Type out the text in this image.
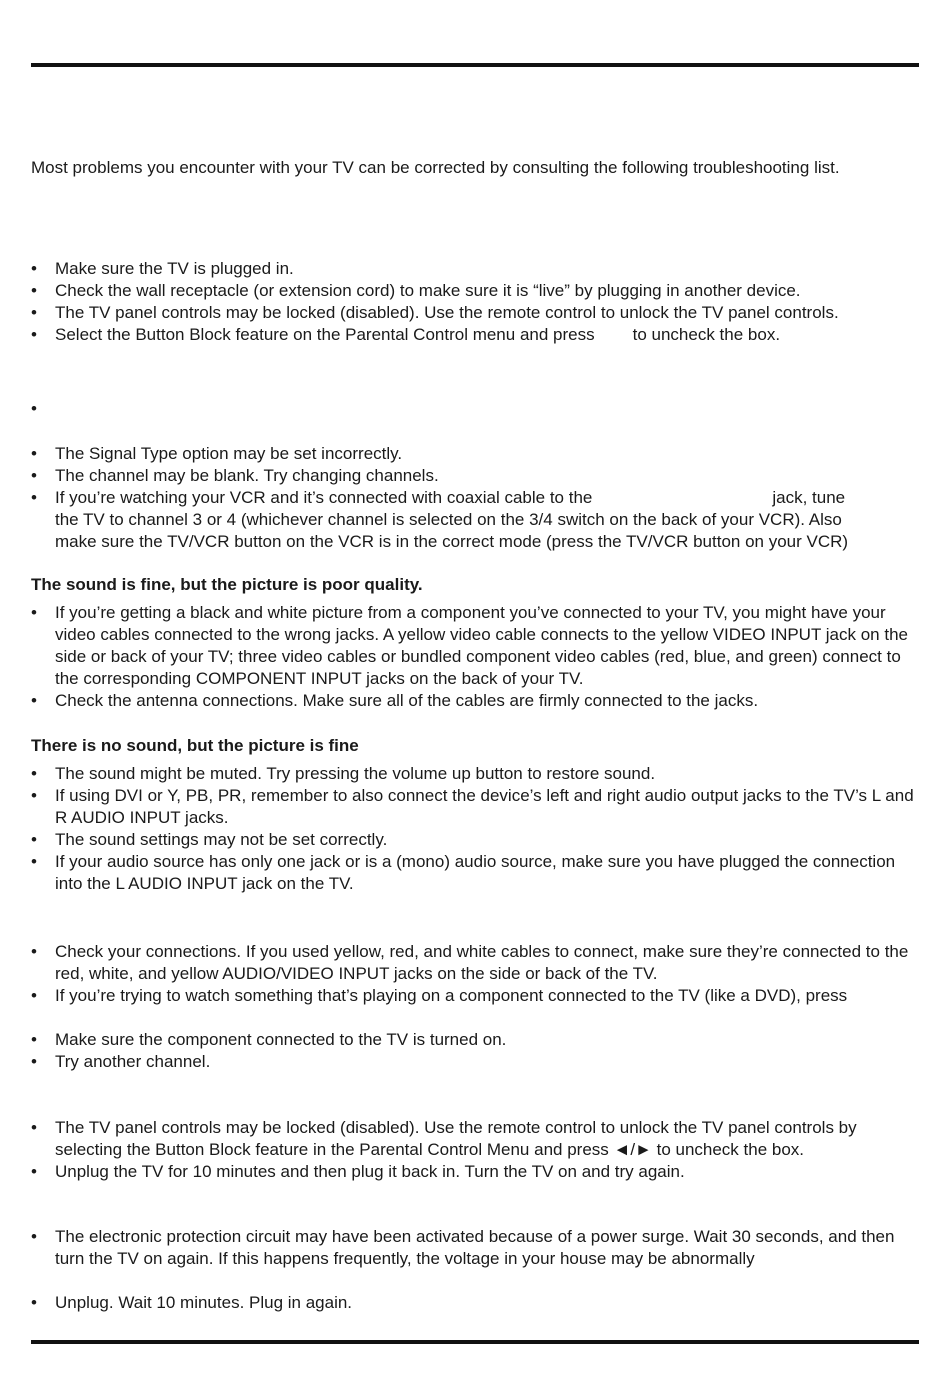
Most problems you encounter with your TV can be corrected by consulting the following troubleshooting list.

• Make sure the TV is plugged in.
• Check the wall receptacle (or extension cord) to make sure it is “live” by plugging in another device.
• The TV panel controls may be locked (disabled). Use the remote control to unlock the TV panel controls.
• Select the Button Block feature on the Parental Control menu and press to uncheck the box.
•
• The Signal Type option may be set incorrectly.
• The channel may be blank. Try changing channels.
• If you’re watching your VCR and it’s connected with coaxial cable to the	jack, tune
the TV to channel 3 or 4 (whichever channel is selected on the 3/4 switch on the back of your VCR). Also
make sure the TV/VCR button on the VCR is in the correct mode (press the TV/VCR button on your VCR)
The sound is fine, but the picture is poor quality.
• If you’re getting a black and white picture from a component you’ve connected to your TV, you might have your video cables connected to the wrong jacks. A yellow video cable connects to the yellow VIDEO INPUT jack on the side or back of your TV; three video cables or bundled component video cables (red, blue, and green) connect to the corresponding COMPONENT INPUT jacks on the back of your TV.
• Check the antenna connections. Make sure all of the cables are firmly connected to the jacks.
There is no sound, but the picture is fine
• The sound might be muted. Try pressing the volume up button to restore sound.
• If using DVI or Y, PB, PR, remember to also connect the device’s left and right audio output jacks to the TV’s L and R AUDIO INPUT jacks.
• The sound settings may not be set correctly.
• If your audio source has only one jack or is a (mono) audio source, make sure you have plugged the connection into the L AUDIO INPUT jack on the TV.
• Check your connections. If you used yellow, red, and white cables to connect, make sure they’re connected to the red, white, and yellow AUDIO/VIDEO INPUT jacks on the side or back of the TV.
• If you’re trying to watch something that’s playing on a component connected to the TV (like a DVD), press
• Make sure the component connected to the TV is turned on.
• Try another channel.
• The TV panel controls may be locked (disabled). Use the remote control to unlock the TV panel controls by selecting the Button Block feature in the Parental Control Menu and press ◄/► to uncheck the box.
• Unplug the TV for 10 minutes and then plug it back in. Turn the TV on and try again.
• The electronic protection circuit may have been activated because of a power surge. Wait 30 seconds, and then turn the TV on again. If this happens frequently, the voltage in your house may be abnormally
• Unplug. Wait 10 minutes. Plug in again.
